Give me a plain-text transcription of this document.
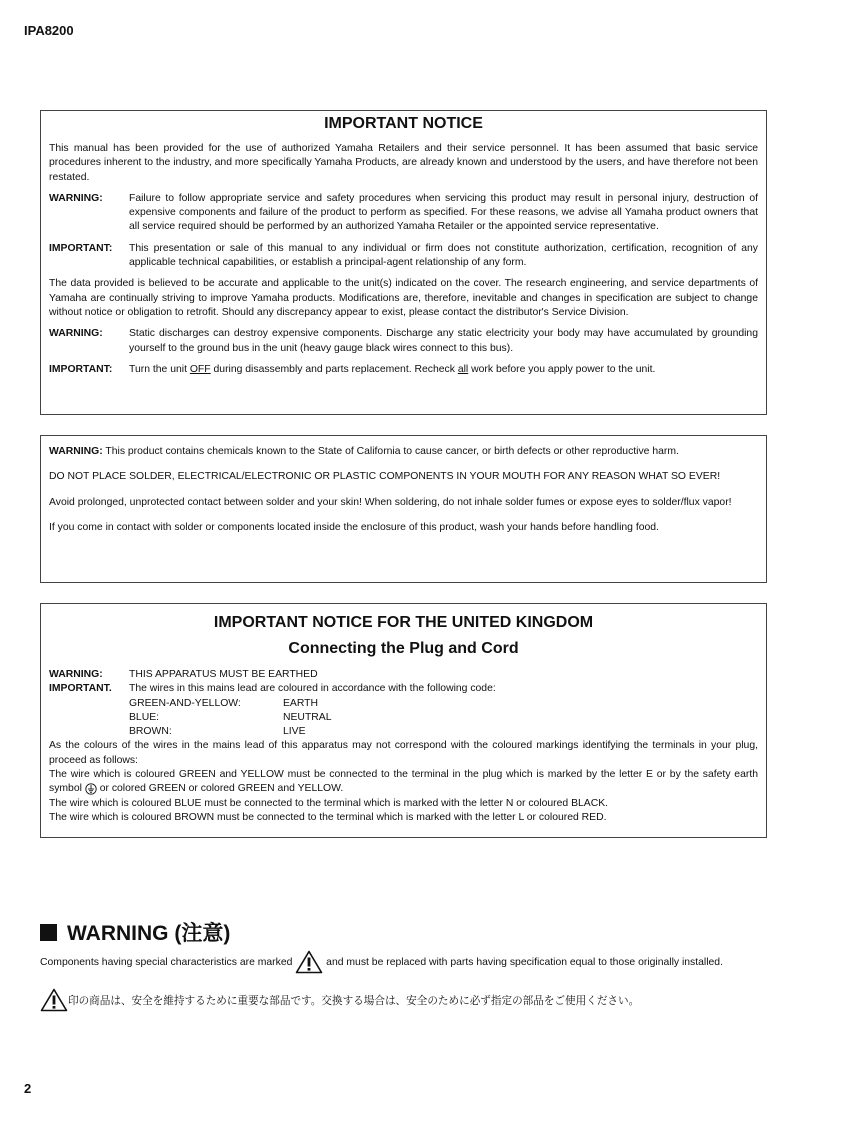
IPA8200
IMPORTANT NOTICE

This manual has been provided for the use of authorized Yamaha Retailers and their service personnel. It has been assumed that basic service procedures inherent to the industry, and more specifically Yamaha Products, are already known and understood by the users, and have therefore not been restated.

WARNING:	Failure to follow appropriate service and safety procedures when servicing this product may result in personal injury, destruction of expensive components and failure of the product to perform as specified. For these reasons, we advise all Yamaha product owners that all service required should be performed by an authorized Yamaha Retailer or the appointed service representative.
IMPORTANT:	This presentation or sale of this manual to any individual or firm does not constitute authorization, certification, recognition of any applicable technical capabilities, or establish a principal-agent relationship of any form.

The data provided is believed to be accurate and applicable to the unit(s) indicated on the cover. The research engineering, and service departments of Yamaha are continually striving to improve Yamaha products. Modifications are, therefore, inevitable and changes in specification are subject to change without notice or obligation to retrofit. Should any discrepancy appear to exist, please contact the distributor's Service Division.

WARNING:	Static discharges can destroy expensive components. Discharge any static electricity your body may have accumulated by grounding yourself to the ground bus in the unit (heavy gauge black wires connect to this bus).
IMPORTANT:	Turn the unit OFF during disassembly and parts replacement. Recheck all work before you apply power to the unit.

WARNING: This product contains chemicals known to the State of California to cause cancer, or birth defects or other reproductive harm.

DO NOT PLACE SOLDER, ELECTRICAL/ELECTRONIC OR PLASTIC COMPONENTS IN YOUR MOUTH FOR ANY REASON WHAT SO EVER!

Avoid prolonged, unprotected contact between solder and your skin! When soldering, do not inhale solder fumes or expose eyes to solder/flux vapor!

If you come in contact with solder or components located inside the enclosure of this product, wash your hands before handling food.

IMPORTANT NOTICE FOR THE UNITED KINGDOM
Connecting the Plug and Cord
WARNING:	THIS APPARATUS MUST BE EARTHED
IMPORTANT.	The wires in this mains lead are coloured in accordance with the following code:
GREEN-AND-YELLOW:	EARTH
BLUE:	NEUTRAL
BROWN:	LIVE

As the colours of the wires in the mains lead of this apparatus may not correspond with the coloured markings identifying the terminals in your plug, proceed as follows:

The wire which is coloured GREEN and YELLOW must be connected to the terminal in the plug which is marked by the letter E or by the safety earth symbol  or colored GREEN or colored GREEN and YELLOW.

The wire which is coloured BLUE must be connected to the terminal which is marked with the letter N or coloured BLACK.

The wire which is coloured BROWN must be connected to the terminal which is marked with the letter L or coloured RED.

WARNING (注意)
Components having special characteristics are marked	and must be replaced with parts having specification equal to those originally installed.
印の商品は、安全を維持するために重要な部品です。交換する場合は、安全のために必ず指定の部品をご使用ください。
2
